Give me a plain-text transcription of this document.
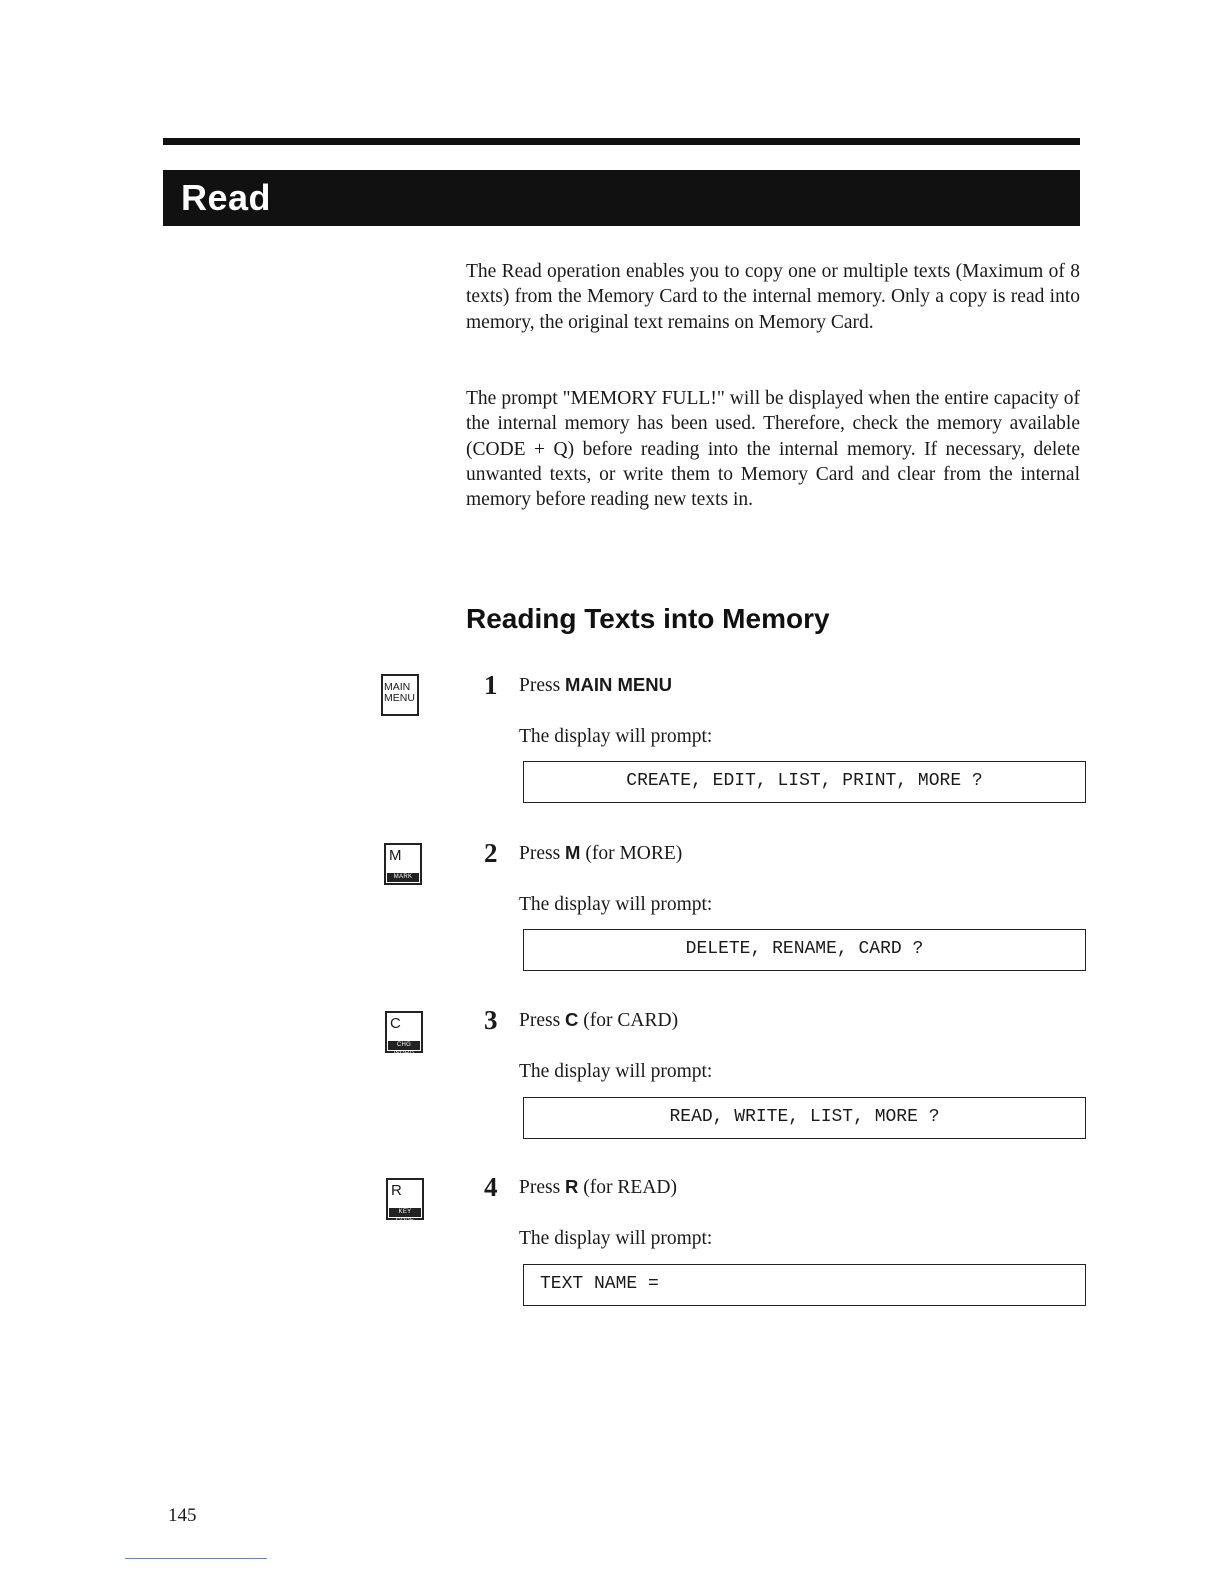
Read

The Read operation enables you to copy one or multiple texts (Maximum of 8 texts) from the Memory Card to the internal memory. Only a copy is read into memory, the original text remains on Memory Card.

The prompt "MEMORY FULL!" will be displayed when the entire capacity of the internal memory has been used. Therefore, check the memory available (CODE + Q) before reading into the internal memory. If necessary, delete unwanted texts, or write them to Memory Card and clear from the internal memory before reading new texts in.

Reading Texts into Memory
MAIN
MENU	1 Press MAIN MENU
The display will prompt:
CREATE, EDIT, LIST, PRINT, MORE ?
M
MARK
2 Press M (for MORE)
The display will prompt:
DELETE, RENAME, CARD ?
C
CHG WORD
3 Press C (for CARD)
The display will prompt:
READ, WRITE, LIST, MORE ?
R
KEY CODE
4 Press R (for READ)
The display will prompt:
TEXT NAME =
145
